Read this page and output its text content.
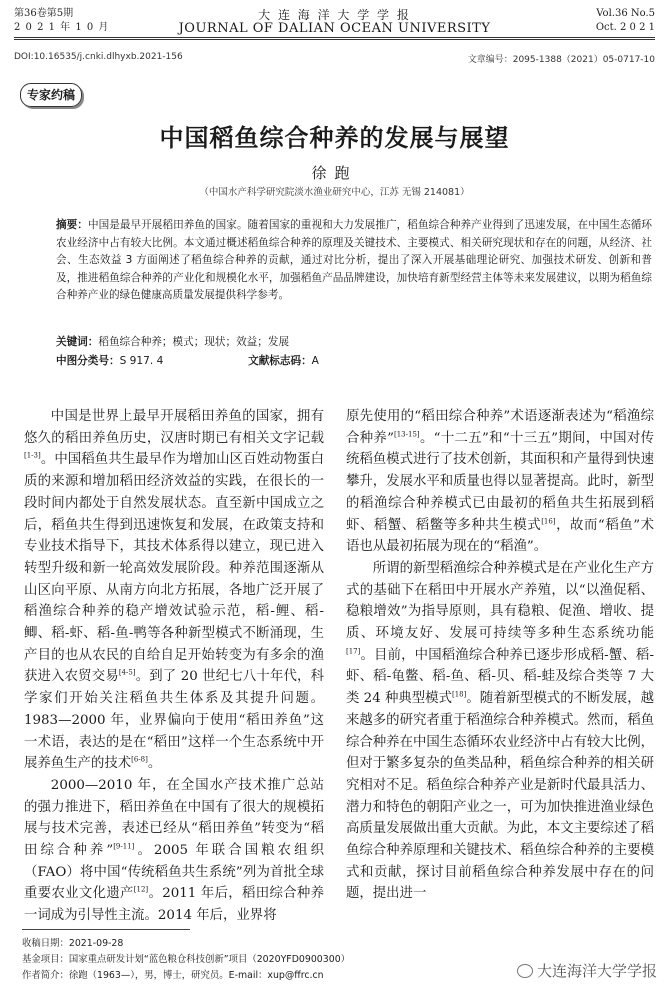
第36卷第5期
2 0 2 1 年 1 0 月
大 连 海 洋 大 学 学 报
JOURNAL OF DALIAN OCEAN UNIVERSITY
Vol.36 No.5
Oct. 2 0 2 1
DOI:10.16535/j.cnki.dlhyxb.2021-156	文章编号：2095-1388（2021）05-0717-10
专家约稿
中国稻鱼综合种养的发展与展望
徐跑
（中国水产科学研究院淡水渔业研究中心，江苏 无锡 214081）
摘要：中国是最早开展稻田养鱼的国家。随着国家的重视和大力发展推广，稻鱼综合种养产业得到了迅速发展，在中国生态循环农业经济中占有较大比例。本文通过概述稻鱼综合种养的原理及关键技术、主要模式、相关研究现状和存在的问题，从经济、社会、生态效益 3 方面阐述了稻鱼综合种养的贡献，通过对比分析，提出了深入开展基础理论研究、加强技术研发、创新和普及，推进稻鱼综合种养的产业化和规模化水平，加强稻鱼产品品牌建设，加快培育新型经营主体等未来发展建议，以期为稻鱼综合种养产业的绿色健康高质量发展提供科学参考。
关键词：稻鱼综合种养；模式；现状；效益；发展
中图分类号：S 917. 4	文献标志码：A

中国是世界上最早开展稻田养鱼的国家，拥有悠久的稻田养鱼历史，汉唐时期已有相关文字记载[1-3]。中国稻鱼共生最早作为增加山区百姓动物蛋白质的来源和增加稻田经济效益的实践，在很长的一段时间内都处于自然发展状态。直至新中国成立之后，稻鱼共生得到迅速恢复和发展，在政策支持和专业技术指导下，其技术体系得以建立，现已进入转型升级和新一轮高效发展阶段。种养范围逐渐从山区向平原、从南方向北方拓展，各地广泛开展了稻渔综合种养的稳产增效试验示范，稻-鲤、稻-鲫、稻-虾、稻-鱼-鸭等各种新型模式不断涌现，生产目的也从农民的自给自足开始转变为有多余的渔获进入农贸交易[4-5]。到了 20 世纪七八十年代，科学家们开始关注稻鱼共生体系及其提升问题。1983—2000 年，业界偏向于使用“稻田养鱼”这一术语，表达的是在“稻田”这样一个生态系统中开展养鱼生产的技术[6-8]。

2000—2010 年，在全国水产技术推广总站的强力推进下，稻田养鱼在中国有了很大的规模拓展与技术完善，表述已经从“稻田养鱼”转变为“稻田综合种养”[9-11]。2005 年联合国粮农组织（FAO）将中国“传统稻鱼共生系统”列为首批全球重要农业文化遗产[12]。2011 年后，稻田综合种养一词成为引导性主流。2014 年后，业界将

原先使用的“稻田综合种养”术语逐渐表述为“稻渔综合种养”[13-15]。“十二五”和“十三五”期间，中国对传统稻鱼模式进行了技术创新，其面积和产量得到快速攀升，发展水平和质量也得以显著提高。此时，新型的稻渔综合种养模式已由最初的稻鱼共生拓展到稻虾、稻蟹、稻鳖等多种共生模式[16]，故而“稻鱼”术语也从最初拓展为现在的“稻渔”。

所谓的新型稻渔综合种养模式是在产业化生产方式的基础下在稻田中开展水产养殖，以“以渔促稻、稳粮增效”为指导原则，具有稳粮、促渔、增收、提质、环境友好、发展可持续等多种生态系统功能[17]。目前，中国稻渔综合种养已逐步形成稻-蟹、稻-虾、稻-龟鳖、稻-鱼、稻-贝、稻-蛙及综合类等 7 大类 24 种典型模式[18]。随着新型模式的不断发展，越来越多的研究者重于稻渔综合种养模式。然而，稻鱼综合种养在中国生态循环农业经济中占有较大比例，但对于繁多复杂的鱼类品种，稻鱼综合种养的相关研究相对不足。稻鱼综合种养产业是新时代最具活力、潜力和特色的朝阳产业之一，可为加快推进渔业绿色高质量发展做出重大贡献。为此，本文主要综述了稻鱼综合种养原理和关键技术、稻鱼综合种养的主要模式和贡献，探讨目前稻鱼综合种养发展中存在的问题，提出进一

收稿日期：2021-09-28
基金项目：国家重点研发计划“蓝色粮仓科技创新”项目（2020YFD0900300）
作者简介：徐跑（1963—），男，博士，研究员。E-mail：xup@ffrc.cn	大连海洋大学学报
